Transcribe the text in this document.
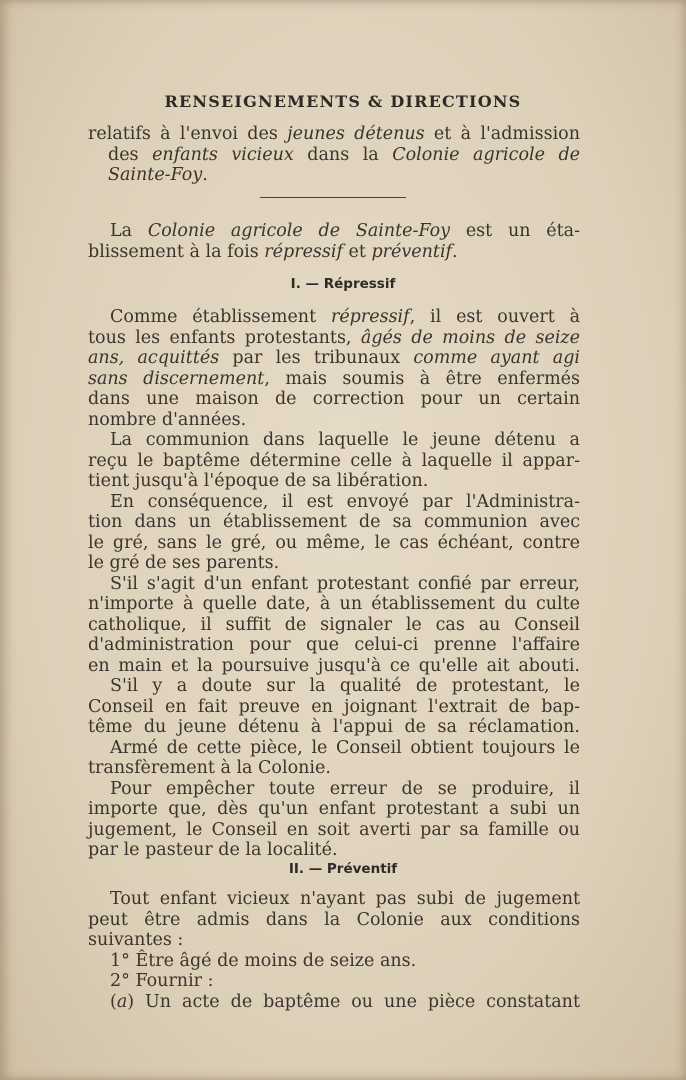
RENSEIGNEMENTS & DIRECTIONS
relatifs à l'envoi des jeunes détenus et à l'admission
des enfants vicieux dans la Colonie agricole de
Sainte-Foy.
La Colonie agricole de Sainte-Foy est un éta-
blissement à la fois répressif et préventif.
I. — Répressif
Comme établissement répressif, il est ouvert à
tous les enfants protestants, âgés de moins de seize
ans, acquittés par les tribunaux comme ayant agi
sans discernement, mais soumis à être enfermés
dans une maison de correction pour un certain
nombre d'années.
La communion dans laquelle le jeune détenu a
reçu le baptême détermine celle à laquelle il appar-
tient jusqu'à l'époque de sa libération.
En conséquence, il est envoyé par l'Administra-
tion dans un établissement de sa communion avec
le gré, sans le gré, ou même, le cas échéant, contre
le gré de ses parents.
S'il s'agit d'un enfant protestant confié par erreur,
n'importe à quelle date, à un établissement du culte
catholique, il suffit de signaler le cas au Conseil
d'administration pour que celui-ci prenne l'affaire
en main et la poursuive jusqu'à ce qu'elle ait abouti.
S'il y a doute sur la qualité de protestant, le
Conseil en fait preuve en joignant l'extrait de bap-
tême du jeune détenu à l'appui de sa réclamation.
Armé de cette pièce, le Conseil obtient toujours le
transfèrement à la Colonie.
Pour empêcher toute erreur de se produire, il
importe que, dès qu'un enfant protestant a subi un
jugement, le Conseil en soit averti par sa famille ou
par le pasteur de la localité.
II. — Préventif
Tout enfant vicieux n'ayant pas subi de jugement
peut être admis dans la Colonie aux conditions
suivantes :
1° Être âgé de moins de seize ans.
2° Fournir :
(a) Un acte de baptême ou une pièce constatant
